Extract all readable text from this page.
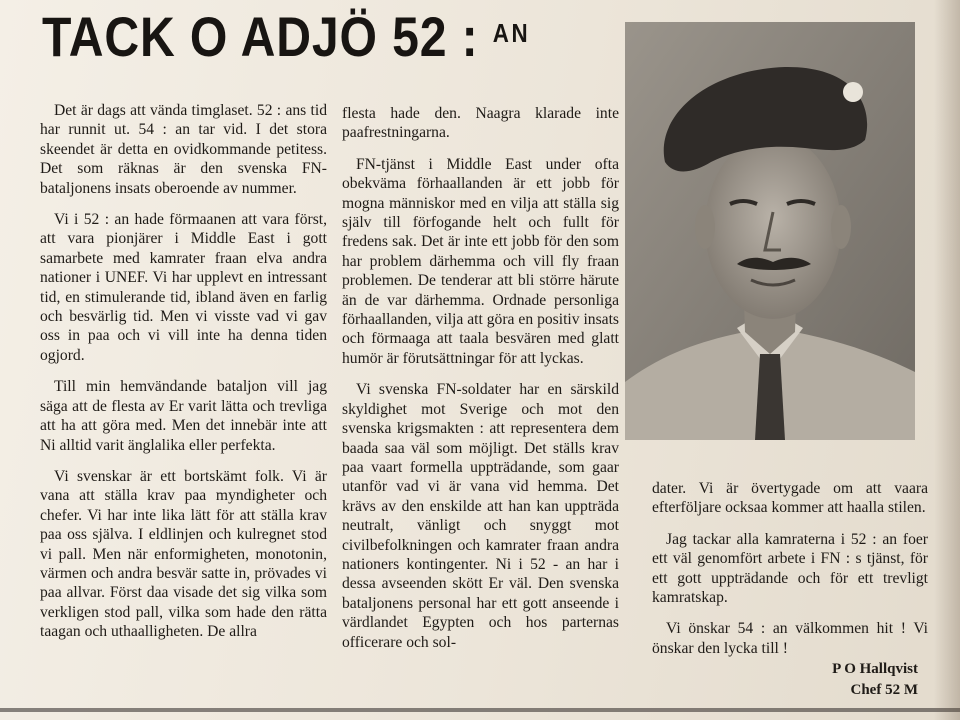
TACK O ADJÖ 52 : $^{AN}$

Det är dags att vända timglaset. 52 : ans tid har runnit ut. 54 : an tar vid. I det stora skeendet är detta en ovidkommande petitess. Det som räknas är den svenska FN-bataljonens insats oberoende av nummer.

Vi i 52 : an hade förmaanen att vara först, att vara pionjärer i Middle East i gott samarbete med kamrater fraan elva andra nationer i UNEF. Vi har upplevt en intressant tid, en stimulerande tid, ibland även en farlig och besvärlig tid. Men vi visste vad vi gav oss in paa och vi vill inte ha denna tiden ogjord.

Till min hemvändande bataljon vill jag säga att de flesta av Er varit lätta och trevliga att ha att göra med. Men det innebär inte att Ni alltid varit änglalika eller perfekta.

Vi svenskar är ett bortskämt folk. Vi är vana att ställa krav paa myndigheter och chefer. Vi har inte lika lätt för att ställa krav paa oss själva. I eldlinjen och kulregnet stod vi pall. Men när enformigheten, monotonin, värmen och andra besvär satte in, prövades vi paa allvar. Först daa visade det sig vilka som verkligen stod pall, vilka som hade den rätta taagan och uthaalligheten. De allra

flesta hade den. Naagra klarade inte paafrestningarna.

FN-tjänst i Middle East under ofta obekväma förhaallanden är ett jobb för mogna människor med en vilja att ställa sig själv till förfogande helt och fullt för fredens sak. Det är inte ett jobb för den som har problem därhemma och vill fly fraan problemen. De tenderar att bli större härute än de var därhemma. Ordnade personliga förhaallanden, vilja att göra en positiv insats och förmaaga att taala besvären med glatt humör är förutsättningar för att lyckas.

Vi svenska FN-soldater har en särskild skyldighet mot Sverige och mot den svenska krigsmakten : att representera dem baada saa väl som möjligt. Det ställs krav paa vaart formella uppträdande, som gaar utanför vad vi är vana vid hemma. Det krävs av den enskilde att han kan uppträda neutralt, vänligt och snyggt mot civilbefolkningen och kamrater fraan andra nationers kontingenter. Ni i 52 - an har i dessa avseenden skött Er väl. Den svenska bataljonens personal har ett gott anseende i värdlandet Egypten och hos parternas officerare och sol-

dater. Vi är övertygade om att vaara efterföljare ocksaa kommer att haalla stilen.

Jag tackar alla kamraterna i 52 : an foer ett väl genomfört arbete i FN : s tjänst, för ett gott uppträdande och för ett trevligt kamratskap.

Vi önskar 54 : an välkommen hit ! Vi önskar den lycka till !

P O Hallqvist
Chef 52 M
